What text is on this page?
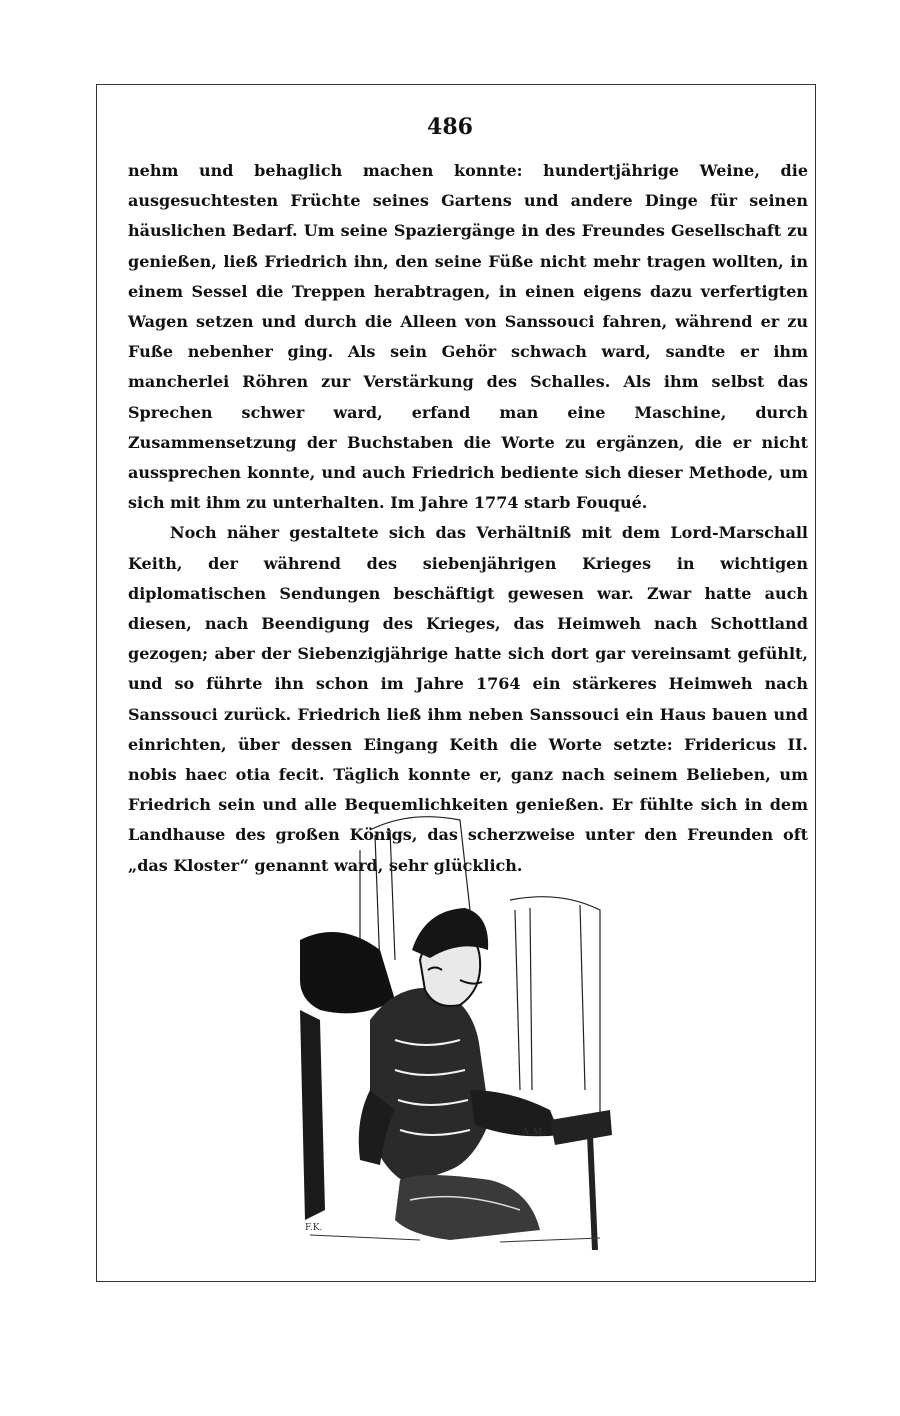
486

nehm und behaglich machen konnte: hundertjährige Weine, die ausgesuchtesten Früchte seines Gartens und andere Dinge für seinen häuslichen Bedarf. Um seine Spaziergänge in des Freundes Gesellschaft zu genießen, ließ Friedrich ihn, den seine Füße nicht mehr tragen wollten, in einem Sessel die Treppen herabtragen, in einen eigens dazu verfertigten Wagen setzen und durch die Alleen von Sanssouci fahren, während er zu Fuße nebenher ging. Als sein Gehör schwach ward, sandte er ihm mancherlei Röhren zur Verstärkung des Schalles. Als ihm selbst das Sprechen schwer ward, erfand man eine Maschine, durch Zusammensetzung der Buchstaben die Worte zu ergänzen, die er nicht aussprechen konnte, und auch Friedrich bediente sich dieser Methode, um sich mit ihm zu unterhalten. Im Jahre 1774 starb Fouqué.

Noch näher gestaltete sich das Verhältniß mit dem Lord-Marschall Keith, der während des siebenjährigen Krieges in wichtigen diplomatischen Sendungen beschäftigt gewesen war. Zwar hatte auch diesen, nach Beendigung des Krieges, das Heimweh nach Schottland gezogen; aber der Siebenzigjährige hatte sich dort gar vereinsamt gefühlt, und so führte ihn schon im Jahre 1764 ein stärkeres Heimweh nach Sanssouci zurück. Friedrich ließ ihm neben Sanssouci ein Haus bauen und einrichten, über dessen Eingang Keith die Worte setzte: Fridericus II. nobis haec otia fecit. Täglich konnte er, ganz nach seinem Belieben, um Friedrich sein und alle Bequemlichkeiten genießen. Er fühlte sich in dem Landhause des großen Königs, das scherzweise unter den Freunden oft „das Kloster“ genannt ward, sehr glücklich.

F.K.
A.M.
